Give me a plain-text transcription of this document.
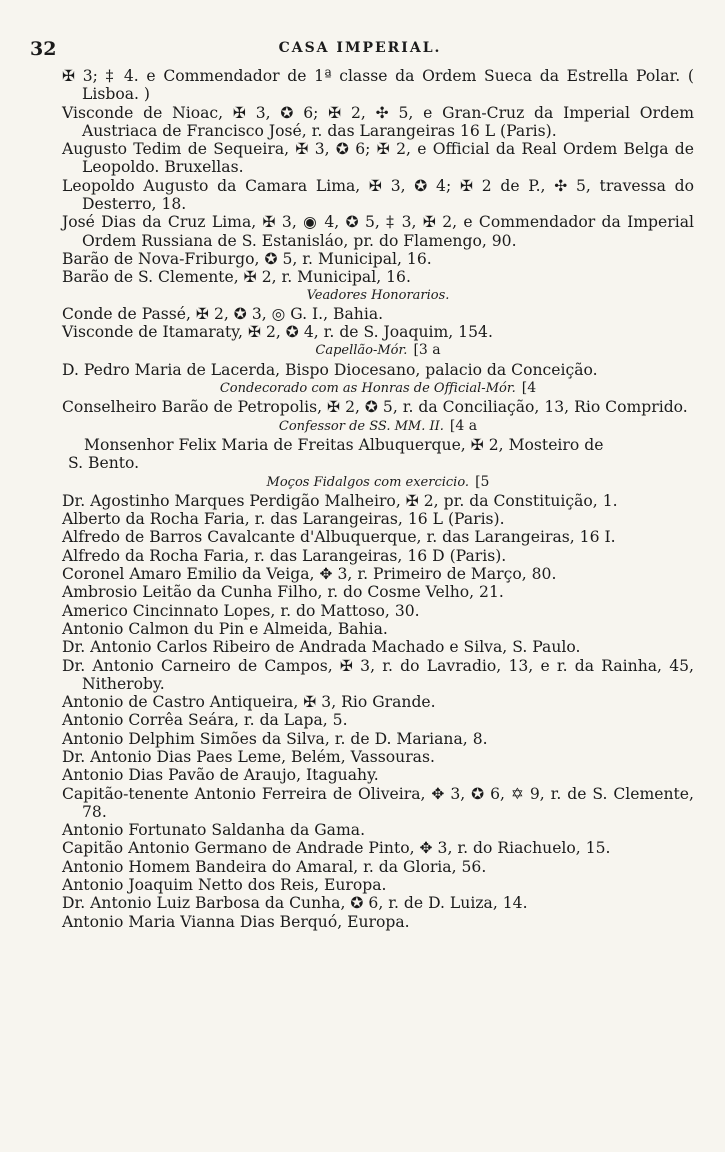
32	CASA IMPERIAL.
✠ 3; ‡ 4. e Commendador de 1ª classe da Ordem Sueca da Estrella Polar. ( Lisboa. )
Visconde de Nioac, ✠ 3, ✪ 6; ✠ 2, ✣ 5, e Gran-Cruz da Imperial Ordem Austriaca de Francisco José, r. das Larangeiras 16 L (Paris).
Augusto Tedim de Sequeira, ✠ 3, ✪ 6; ✠ 2, e Official da Real Ordem Belga de Leopoldo. Bruxellas.
Leopoldo Augusto da Camara Lima, ✠ 3, ✪ 4; ✠ 2 de P., ✣ 5, travessa do Desterro, 18.
José Dias da Cruz Lima, ✠ 3, ◉ 4, ✪ 5, ‡ 3, ✠ 2, e Commendador da Imperial Ordem Russiana de S. Estanisláo, pr. do Flamengo, 90.
Barão de Nova-Friburgo, ✪ 5, r. Municipal, 16.
Barão de S. Clemente, ✠ 2, r. Municipal, 16.
Veadores Honorarios.
Conde de Passé, ✠ 2, ✪ 3, ◎ G. I., Bahia.
Visconde de Itamaraty, ✠ 2, ✪ 4, r. de S. Joaquim, 154.
Capellão-Mór. [3 a
D. Pedro Maria de Lacerda, Bispo Diocesano, palacio da Conceição.
Condecorado com as Honras de Official-Mór. [4
Conselheiro Barão de Petropolis, ✠ 2, ✪ 5, r. da Conciliação, 13, Rio Comprido.
Confessor de SS. MM. II. [4 a
Monsenhor Felix Maria de Freitas Albuquerque, ✠ 2, Mosteiro de
S. Bento.
Moços Fidalgos com exercicio. [5
Dr. Agostinho Marques Perdigão Malheiro, ✠ 2, pr. da Constituição, 1.
Alberto da Rocha Faria, r. das Larangeiras, 16 L (Paris).
Alfredo de Barros Cavalcante d'Albuquerque, r. das Larangeiras, 16 I.
Alfredo da Rocha Faria, r. das Larangeiras, 16 D (Paris).
Coronel Amaro Emilio da Veiga, ✥ 3, r. Primeiro de Março, 80.
Ambrosio Leitão da Cunha Filho, r. do Cosme Velho, 21.
Americo Cincinnato Lopes, r. do Mattoso, 30.
Antonio Calmon du Pin e Almeida, Bahia.
Dr. Antonio Carlos Ribeiro de Andrada Machado e Silva, S. Paulo.
Dr. Antonio Carneiro de Campos, ✠ 3, r. do Lavradio, 13, e r. da Rainha, 45, Nitheroby.
Antonio de Castro Antiqueira, ✠ 3, Rio Grande.
Antonio Corrêa Seára, r. da Lapa, 5.
Antonio Delphim Simões da Silva, r. de D. Mariana, 8.
Dr. Antonio Dias Paes Leme, Belém, Vassouras.
Antonio Dias Pavão de Araujo, Itaguahy.
Capitão-tenente Antonio Ferreira de Oliveira, ✥ 3, ✪ 6, ✡ 9, r. de S. Clemente, 78.
Antonio Fortunato Saldanha da Gama.
Capitão Antonio Germano de Andrade Pinto, ✥ 3, r. do Riachuelo, 15.
Antonio Homem Bandeira do Amaral, r. da Gloria, 56.
Antonio Joaquim Netto dos Reis, Europa.
Dr. Antonio Luiz Barbosa da Cunha, ✪ 6, r. de D. Luiza, 14.
Antonio Maria Vianna Dias Berquó, Europa.
